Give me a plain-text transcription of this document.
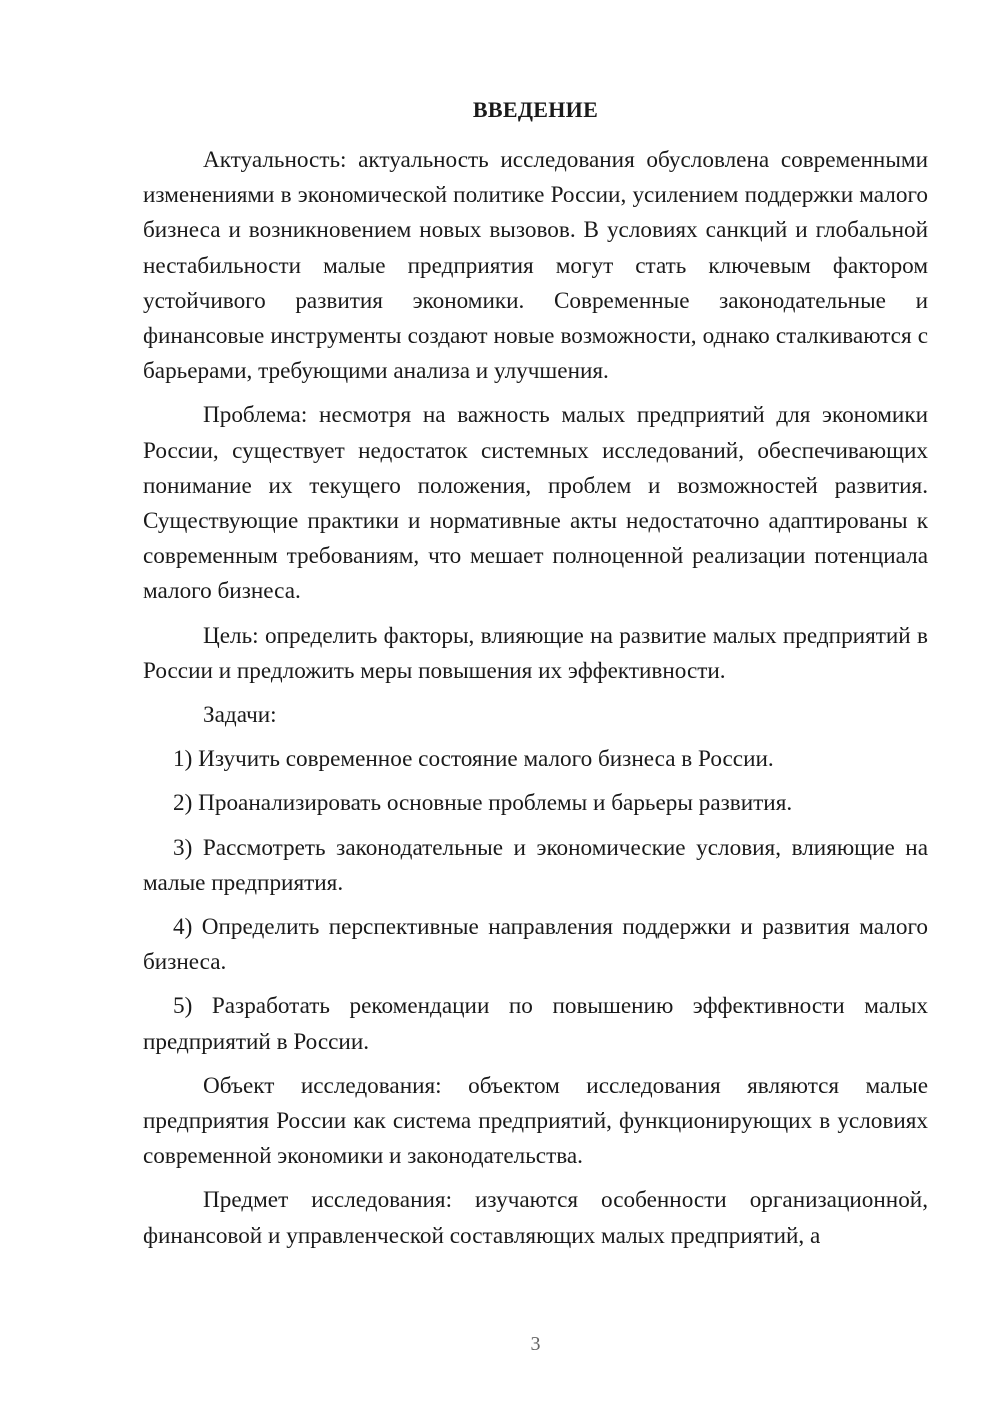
ВВЕДЕНИЕ

Актуальность: актуальность исследования обусловлена современными изменениями в экономической политике России, усилением поддержки малого бизнеса и возникновением новых вызовов. В условиях санкций и глобальной нестабильности малые предприятия могут стать ключевым фактором устойчивого развития экономики. Современные законодательные и финансовые инструменты создают новые возможности, однако сталкиваются с барьерами, требующими анализа и улучшения.

Проблема: несмотря на важность малых предприятий для экономики России, существует недостаток системных исследований, обеспечивающих понимание их текущего положения, проблем и возможностей развития. Существующие практики и нормативные акты недостаточно адаптированы к современным требованиям, что мешает полноценной реализации потенциала малого бизнеса.

Цель: определить факторы, влияющие на развитие малых предприятий в России и предложить меры повышения их эффективности.

Задачи:

1) Изучить современное состояние малого бизнеса в России.
2) Проанализировать основные проблемы и барьеры развития.
3) Рассмотреть законодательные и экономические условия, влияющие на малые предприятия.
4) Определить перспективные направления поддержки и развития малого бизнеса.
5) Разработать рекомендации по повышению эффективности малых предприятий в России.

Объект исследования: объектом исследования являются малые предприятия России как система предприятий, функционирующих в условиях современной экономики и законодательства.

Предмет исследования: изучаются особенности организационной, финансовой и управленческой составляющих малых предприятий, а

3
